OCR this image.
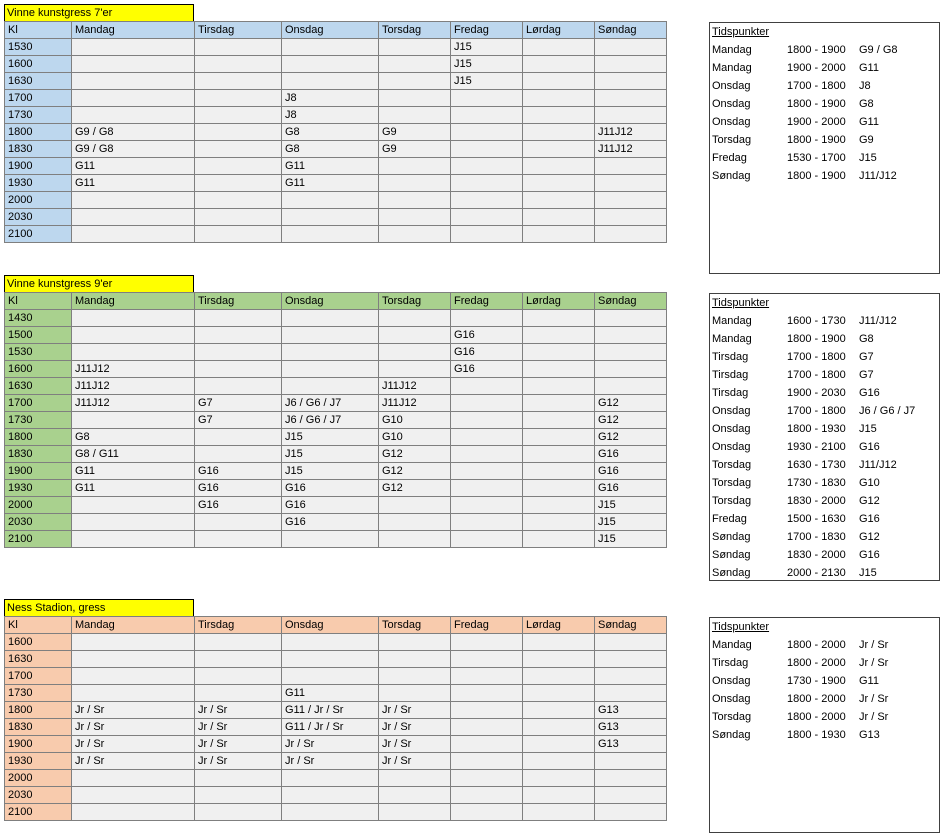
Vinne kunstgress 7'er
Kl	Mandag	Tirsdag	Onsdag	Torsdag	Fredag	Lørdag	Søndag
1530					J15		
1600					J15		
1630					J15		
1700			J8				
1730			J8				
1800	G9 / G8		G8	G9			J11J12
1830	G9 / G8		G8	G9			J11J12
1900	G11		G11				
1930	G11		G11				
2000							
2030							
2100							
Tidspunkter
Mandag	1800 - 1900 G9 / G8
Mandag	1900 - 2000 G11
Onsdag	1700 - 1800 J8
Onsdag	1800 - 1900 G8
Onsdag	1900 - 2000 G11
Torsdag	1800 - 1900 G9
Fredag	1530 - 1700 J15
Søndag	1800 - 1900 J11/J12
Vinne kunstgress 9'er
Kl	Mandag	Tirsdag	Onsdag	Torsdag	Fredag	Lørdag	Søndag
1430							
1500					G16		
1530					G16		
1600	J11J12				G16		
1630	J11J12			J11J12			
1700	J11J12	G7	J6 / G6 / J7	J11J12			G12
1730		G7	J6 / G6 / J7	G10			G12
1800	G8		J15	G10			G12
1830	G8 / G11		J15	G12			G16
1900	G11	G16	J15	G12			G16
1930	G11	G16	G16	G12			G16
2000		G16	G16				J15
2030			G16				J15
2100							J15
Tidspunkter
Mandag	1600 - 1730 J11/J12
Mandag	1800 - 1900 G8
Tirsdag	1700 - 1800 G7
Tirsdag	1700 - 1800 G7
Tirsdag	1900 - 2030 G16
Onsdag	1700 - 1800 J6 / G6 / J7
Onsdag	1800 - 1930 J15
Onsdag	1930 - 2100 G16
Torsdag	1630 - 1730 J11/J12
Torsdag	1730 - 1830 G10
Torsdag	1830 - 2000 G12
Fredag	1500 - 1630 G16
Søndag	1700 - 1830 G12
Søndag	1830 - 2000 G16
Søndag	2000 - 2130 J15
Ness Stadion, gress
Kl	Mandag	Tirsdag	Onsdag	Torsdag	Fredag	Lørdag	Søndag
1600							
1630							
1700							
1730			G11				
1800	Jr / Sr	Jr / Sr	G11 / Jr / Sr	Jr / Sr			G13
1830	Jr / Sr	Jr / Sr	G11 / Jr / Sr	Jr / Sr			G13
1900	Jr / Sr	Jr / Sr	Jr / Sr	Jr / Sr			G13
1930	Jr / Sr	Jr / Sr	Jr / Sr	Jr / Sr			
2000							
2030							
2100							
Tidspunkter
Mandag	1800 - 2000 Jr / Sr
Tirsdag	1800 - 2000 Jr / Sr
Onsdag	1730 - 1900 G11
Onsdag	1800 - 2000 Jr / Sr
Torsdag	1800 - 2000 Jr / Sr
Søndag	1800 - 1930 G13
